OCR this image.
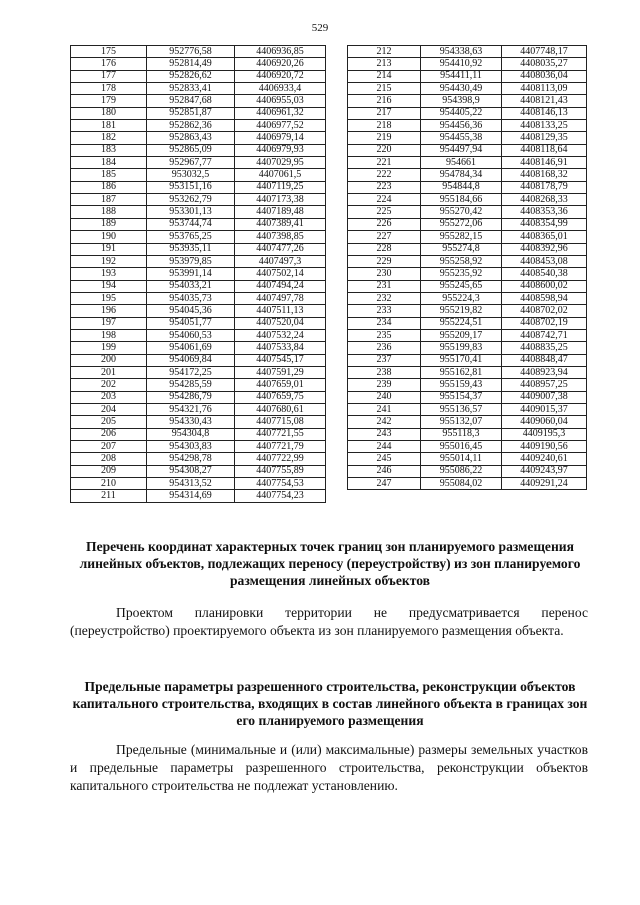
529
175	952776,58	4406936,85
176	952814,49	4406920,26
177	952826,62	4406920,72
178	952833,41	4406933,4
179	952847,68	4406955,03
180	952851,87	4406961,32
181	952862,36	4406977,52
182	952863,43	4406979,14
183	952865,09	4406979,93
184	952967,77	4407029,95
185	953032,5	4407061,5
186	953151,16	4407119,25
187	953262,79	4407173,38
188	953301,13	4407189,48
189	953744,74	4407389,41
190	953765,25	4407398,85
191	953935,11	4407477,26
192	953979,85	4407497,3
193	953991,14	4407502,14
194	954033,21	4407494,24
195	954035,73	4407497,78
196	954045,36	4407511,13
197	954051,77	4407520,04
198	954060,53	4407532,24
199	954061,69	4407533,84
200	954069,84	4407545,17
201	954172,25	4407591,29
202	954285,59	4407659,01
203	954286,79	4407659,75
204	954321,76	4407680,61
205	954330,43	4407715,08
206	954304,8	4407721,55
207	954303,83	4407721,79
208	954298,78	4407722,99
209	954308,27	4407755,89
210	954313,52	4407754,53
211	954314,69	4407754,23
212	954338,63	4407748,17
213	954410,92	4408035,27
214	954411,11	4408036,04
215	954430,49	4408113,09
216	954398,9	4408121,43
217	954405,22	4408146,13
218	954456,36	4408133,25
219	954455,38	4408129,35
220	954497,94	4408118,64
221	954661	4408146,91
222	954784,34	4408168,32
223	954844,8	4408178,79
224	955184,66	4408268,33
225	955270,42	4408353,36
226	955272,06	4408354,99
227	955282,15	4408365,01
228	955274,8	4408392,96
229	955258,92	4408453,08
230	955235,92	4408540,38
231	955245,65	4408600,02
232	955224,3	4408598,94
233	955219,82	4408702,02
234	955224,51	4408702,19
235	955209,17	4408742,71
236	955199,83	4408835,25
237	955170,41	4408848,47
238	955162,81	4408923,94
239	955159,43	4408957,25
240	955154,37	4409007,38
241	955136,57	4409015,37
242	955132,07	4409060,04
243	955118,3	4409195,3
244	955016,45	4409190,56
245	955014,11	4409240,61
246	955086,22	4409243,97
247	955084,02	4409291,24
Перечень координат характерных точек границ зон планируемого размещения линейных объектов, подлежащих переносу (переустройству) из зон планируемого размещения линейных объектов

Проектом планировки территории не предусматривается перенос (переустройство) проектируемого объекта из зон планируемого размещения объекта.

Предельные параметры разрешенного строительства, реконструкции объектов капитального строительства, входящих в состав линейного объекта в границах зон его планируемого размещения

Предельные (минимальные и (или) максимальные) размеры земельных участков и предельные параметры разрешенного строительства, реконструкции объектов капитального строительства не подлежат установлению.
